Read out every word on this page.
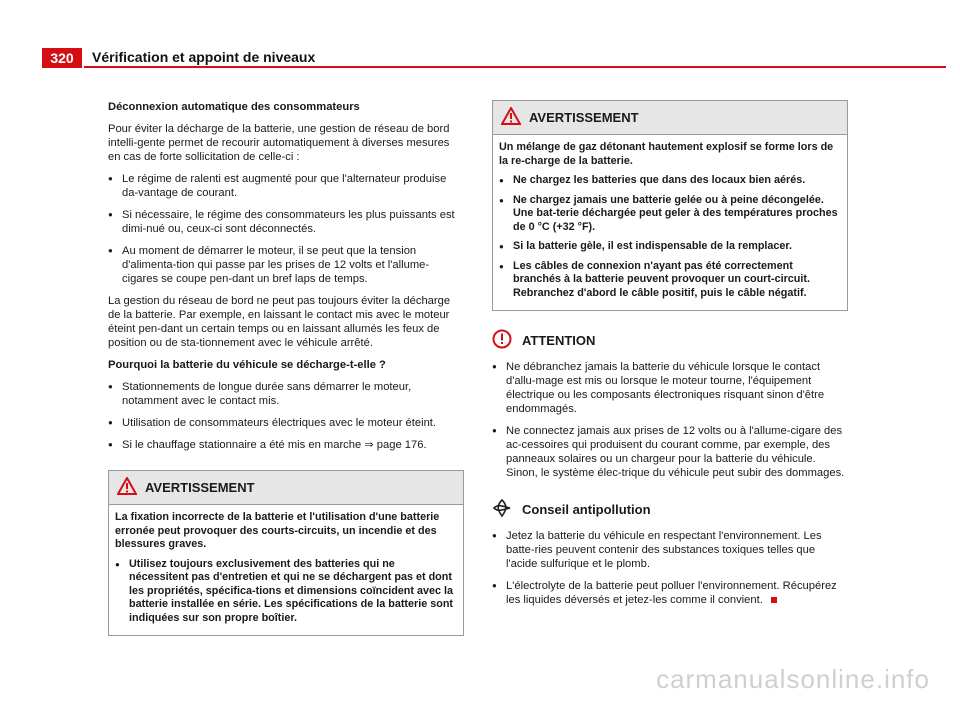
320	Vérification et appoint de niveaux

Déconnexion automatique des consommateurs

Pour éviter la décharge de la batterie, une gestion de réseau de bord intelli-gente permet de recourir automatiquement à diverses mesures en cas de forte sollicitation de celle-ci :

● Le régime de ralenti est augmenté pour que l'alternateur produise da-vantage de courant.

● Si nécessaire, le régime des consommateurs les plus puissants est dimi-nué ou, ceux-ci sont déconnectés.

● Au moment de démarrer le moteur, il se peut que la tension d'alimenta-tion qui passe par les prises de 12 volts et l'allume-cigares se coupe pen-dant un bref laps de temps.

La gestion du réseau de bord ne peut pas toujours éviter la décharge de la batterie. Par exemple, en laissant le contact mis avec le moteur éteint pen-dant un certain temps ou en laissant allumés les feux de position ou de sta-tionnement avec le véhicule arrêté.

Pourquoi la batterie du véhicule se décharge-t-elle ?

● Stationnements de longue durée sans démarrer le moteur, notamment avec le contact mis.

● Utilisation de consommateurs électriques avec le moteur éteint.

● Si le chauffage stationnaire a été mis en marche ⇒ page 176.

AVERTISSEMENT

La fixation incorrecte de la batterie et l'utilisation d'une batterie erronée peut provoquer des courts-circuits, un incendie et des blessures graves.

● Utilisez toujours exclusivement des batteries qui ne nécessitent pas d'entretien et qui ne se déchargent pas et dont les propriétés, spécifica-tions et dimensions coïncident avec la batterie installée en série. Les spécifications de la batterie sont indiquées sur son propre boîtier.

AVERTISSEMENT

Un mélange de gaz détonant hautement explosif se forme lors de la re-charge de la batterie.

● Ne chargez les batteries que dans des locaux bien aérés.

● Ne chargez jamais une batterie gelée ou à peine décongelée. Une bat-terie déchargée peut geler à des températures proches de 0 °C (+32 °F).

● Si la batterie gèle, il est indispensable de la remplacer.

● Les câbles de connexion n'ayant pas été correctement branchés à la batterie peuvent provoquer un court-circuit. Rebranchez d'abord le câble positif, puis le câble négatif.

ATTENTION

● Ne débranchez jamais la batterie du véhicule lorsque le contact d'allu-mage est mis ou lorsque le moteur tourne, l'équipement électrique ou les composants électroniques risquant sinon d'être endommagés.

● Ne connectez jamais aux prises de 12 volts ou à l'allume-cigare des ac-cessoires qui produisent du courant comme, par exemple, des panneaux solaires ou un chargeur pour la batterie du véhicule. Sinon, le système élec-trique du véhicule peut subir des dommages.

Conseil antipollution

● Jetez la batterie du véhicule en respectant l'environnement. Les batte-ries peuvent contenir des substances toxiques telles que l'acide sulfurique et le plomb.

● L'électrolyte de la batterie peut polluer l'environnement. Récupérez les liquides déversés et jetez-les comme il convient.

carmanualsonline.info
